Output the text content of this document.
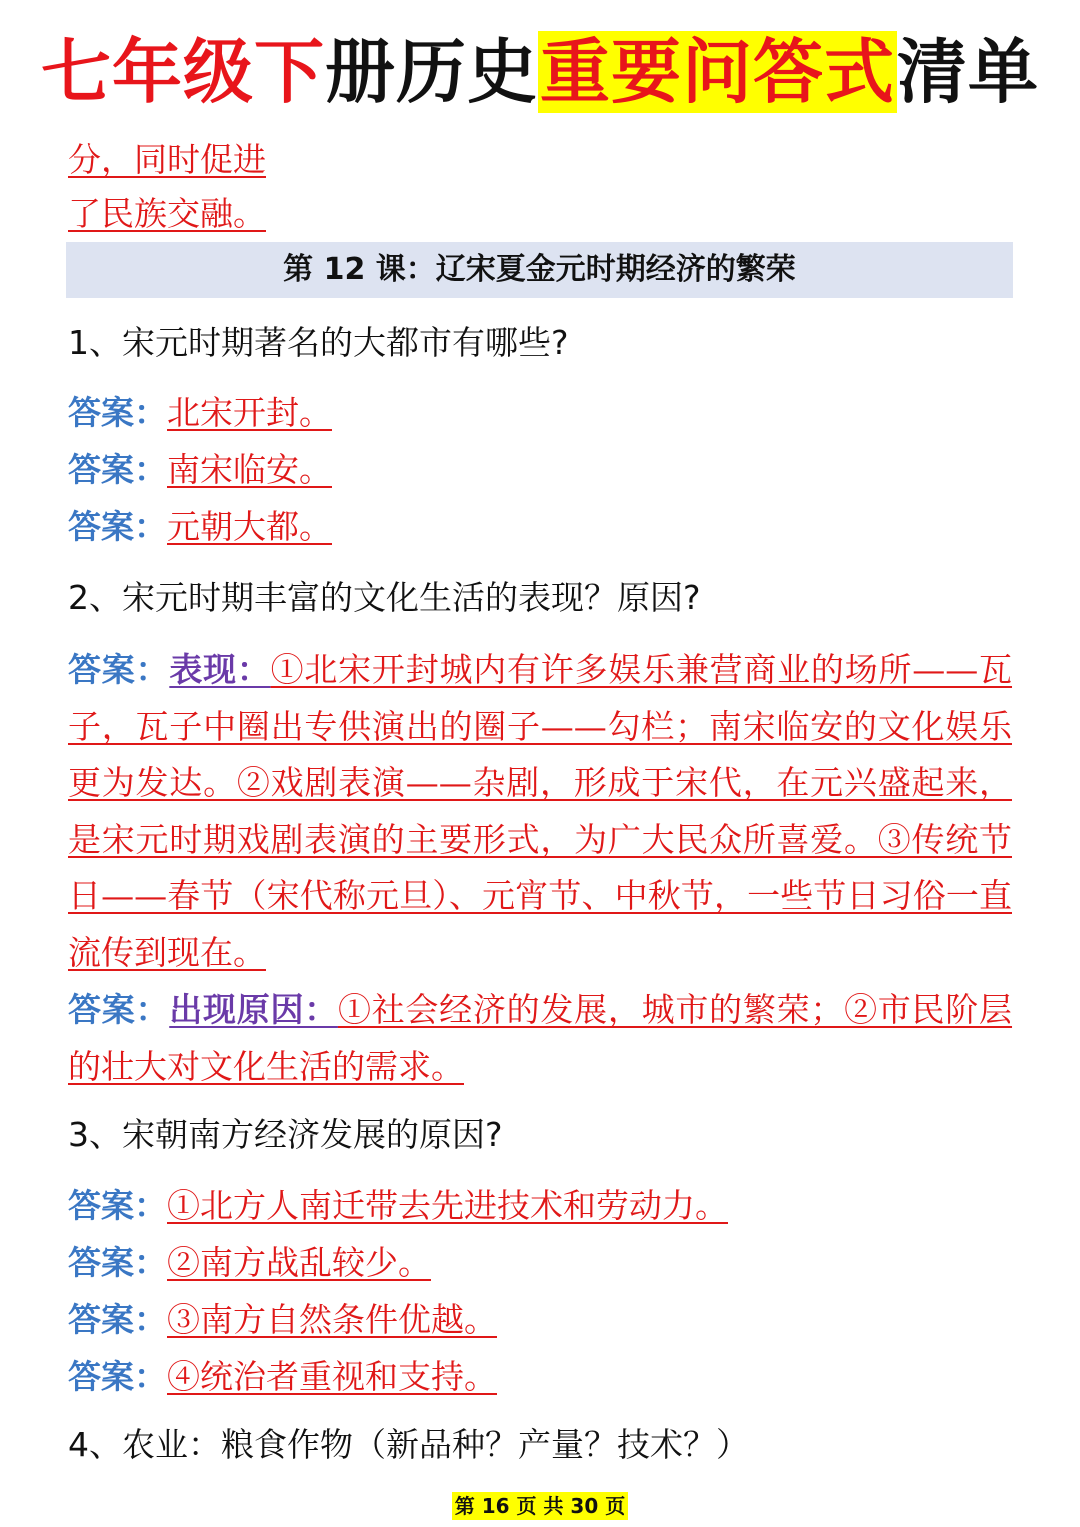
七年级下册历史重要问答式清单
分，同时促进
了民族交融。
第 12 课：辽宋夏金元时期经济的繁荣
1、宋元时期著名的大都市有哪些?
答案：北宋开封。
答案：南宋临安。
答案：元朝大都。
2、宋元时期丰富的文化生活的表现？原因?
答案：表现：①北宋开封城内有许多娱乐兼营商业的场所——瓦子，瓦子中圈出专供演出的圈子——勾栏；南宋临安的文化娱乐更为发达。②戏剧表演——杂剧，形成于宋代，在元兴盛起来，是宋元时期戏剧表演的主要形式，为广大民众所喜爱。③传统节日——春节（宋代称元旦）、元宵节、中秋节，一些节日习俗一直流传到现在。
答案：出现原因：①社会经济的发展，城市的繁荣；②市民阶层的壮大对文化生活的需求。
3、宋朝南方经济发展的原因?
答案：①北方人南迁带去先进技术和劳动力。
答案：②南方战乱较少。
答案：③南方自然条件优越。
答案：④统治者重视和支持。
4、农业：粮食作物（新品种？产量？技术？）
第 16 页 共 30 页
